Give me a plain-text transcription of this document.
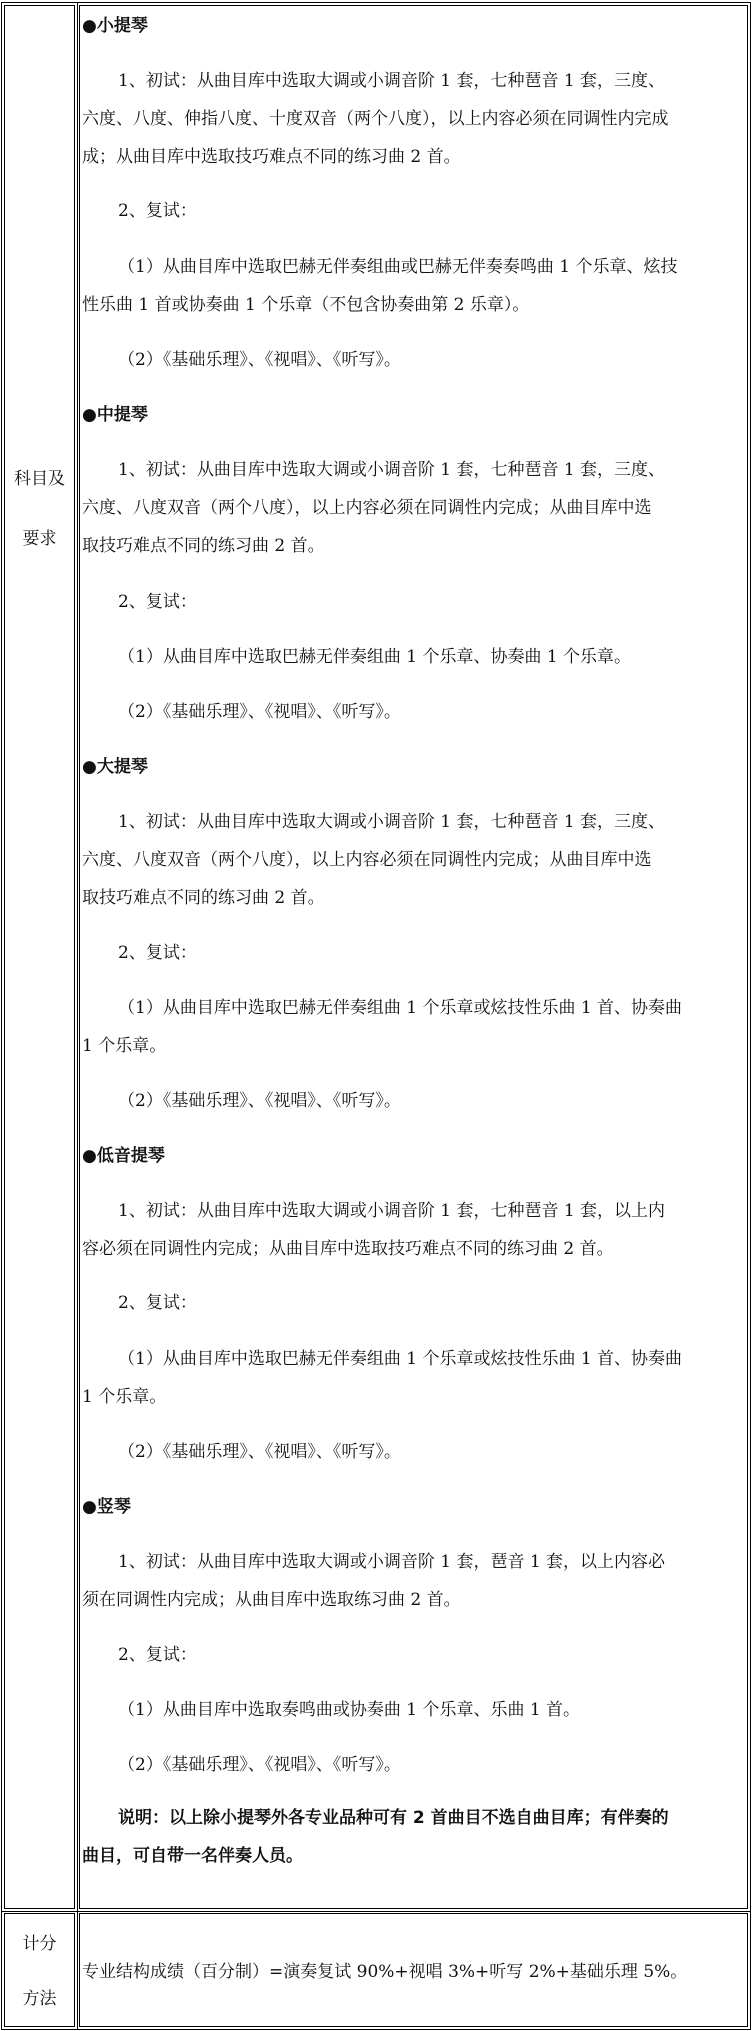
科目及
要求
●小提琴
1、初试：从曲目库中选取大调或小调音阶 1 套，七种琶音 1 套，三度、
六度、八度、伸指八度、十度双音（两个八度），以上内容必须在同调性内完成
成；从曲目库中选取技巧难点不同的练习曲 2 首。
2、复试：
（1）从曲目库中选取巴赫无伴奏组曲或巴赫无伴奏奏鸣曲 1 个乐章、炫技
性乐曲 1 首或协奏曲 1 个乐章（不包含协奏曲第 2 乐章）。
（2）《基础乐理》、《视唱》、《听写》。
●中提琴
1、初试：从曲目库中选取大调或小调音阶 1 套，七种琶音 1 套，三度、
六度、八度双音（两个八度），以上内容必须在同调性内完成；从曲目库中选
取技巧难点不同的练习曲 2 首。
2、复试：
（1）从曲目库中选取巴赫无伴奏组曲 1 个乐章、协奏曲 1 个乐章。
（2）《基础乐理》、《视唱》、《听写》。
●大提琴
1、初试：从曲目库中选取大调或小调音阶 1 套，七种琶音 1 套，三度、
六度、八度双音（两个八度），以上内容必须在同调性内完成；从曲目库中选
取技巧难点不同的练习曲 2 首。
2、复试：
（1）从曲目库中选取巴赫无伴奏组曲 1 个乐章或炫技性乐曲 1 首、协奏曲
1 个乐章。
（2）《基础乐理》、《视唱》、《听写》。
●低音提琴
1、初试：从曲目库中选取大调或小调音阶 1 套，七种琶音 1 套，以上内
容必须在同调性内完成；从曲目库中选取技巧难点不同的练习曲 2 首。
2、复试：
（1）从曲目库中选取巴赫无伴奏组曲 1 个乐章或炫技性乐曲 1 首、协奏曲
1 个乐章。
（2）《基础乐理》、《视唱》、《听写》。
●竖琴
1、初试：从曲目库中选取大调或小调音阶 1 套，琶音 1 套，以上内容必
须在同调性内完成；从曲目库中选取练习曲 2 首。
2、复试：
（1）从曲目库中选取奏鸣曲或协奏曲 1 个乐章、乐曲 1 首。
（2）《基础乐理》、《视唱》、《听写》。
说明：以上除小提琴外各专业品种可有 2 首曲目不选自曲目库；有伴奏的
曲目，可自带一名伴奏人员。
计分
方法
专业结构成绩（百分制）=演奏复试 90%+视唱 3%+听写 2%+基础乐理 5%。
